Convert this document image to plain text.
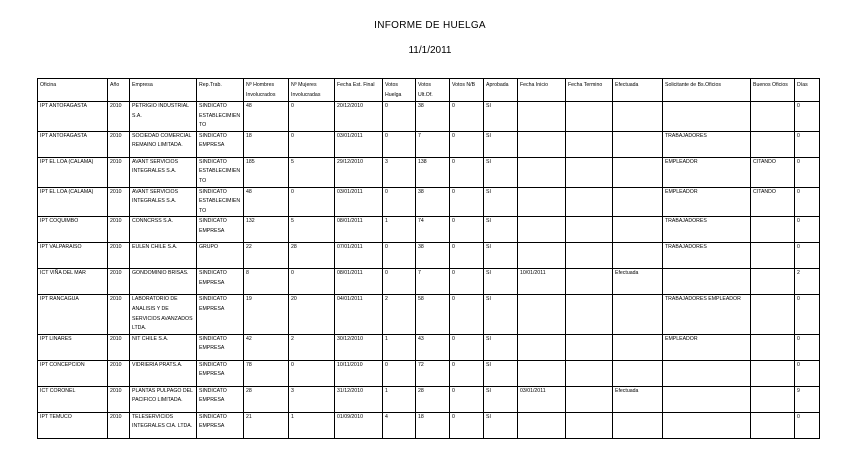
INFORME DE HUELGA
11/1/2011
Oficina	Año	Empresa	Rep.Trab.	Nº Hombres Involucrados	Nº Mujeres Involucradas	Fecha Est. Final	Votos Huelga	Votos Ult.Of.	Votos N/B	Aprobada	Fecha Inicio	Fecha Termino	Efectuada	Solicitante de Bs.Oficios	Buenos Oficios	Días
IPT ANTOFAGASTA	2010	PETRIGIO INDUSTRIAL S.A.	SINDICATO ESTABLECIMIENTO	48	0	20/12/2010	0	38	0	SI						0
IPT ANTOFAGASTA	2010	SOCIEDAD COMERCIAL REMAINO LIMITADA.	SINDICATO EMPRESA	18	0	03/01/2011	0	7	0	SI				TRABAJADORES		0
IPT EL LOA (CALAMA)	2010	AVANT SERVICIOS INTEGRALES S.A.	SINDICATO ESTABLECIMIENTO	185	5	29/12/2010	3	138	0	SI				EMPLEADOR	CITANDO	0
IPT EL LOA (CALAMA)	2010	AVANT SERVICIOS INTEGRALES S.A.	SINDICATO ESTABLECIMIENTO	48	0	03/01/2011	0	38	0	SI				EMPLEADOR	CITANDO	0
IPT COQUIMBO	2010	CONNCRSS S.A.	SINDICATO EMPRESA	132	5	08/01/2011	1	74	0	SI				TRABAJADORES		0
IPT VALPARAISO	2010	EULEN CHILE S.A.	GRUPO	22	28	07/01/2011	0	38	0	SI				TRABAJADORES		0
ICT VIÑA DEL MAR	2010	GONDOMINIO BRISAS.	SINDICATO EMPRESA	8	0	08/01/2011	0	7	0	SI	10/01/2011		Efectuada			2
IPT RANCAGUA	2010	LABORATORIO DE ANALISIS Y DE SERVICIOS AVANZADOS LTDA.	SINDICATO EMPRESA	19	20	04/01/2011	2	58	0	SI				TRABAJADORES EMPLEADOR		0
IPT LINARES	2010	NIT CHILE S.A.	SINDICATO EMPRESA	42	2	30/12/2010	1	43	0	SI				EMPLEADOR		0
IPT CONCEPCION	2010	VIDRIERIA PRATS.A.	SINDICATO EMPRESA	78	0	10/11/2010	0	72	0	SI						0
ICT CORONEL	2010	PLANTAS PULPAGO DEL PACIFICO LIMITADA.	SINDICATO EMPRESA	28	3	31/12/2010	1	28	0	SI	03/01/2011		Efectuada			9
IPT TEMUCO	2010	TELESERVICIOS INTEGRALES CIA. LTDA.	SINDICATO EMPRESA	21	1	01/09/2010	4	18	0	SI						0
